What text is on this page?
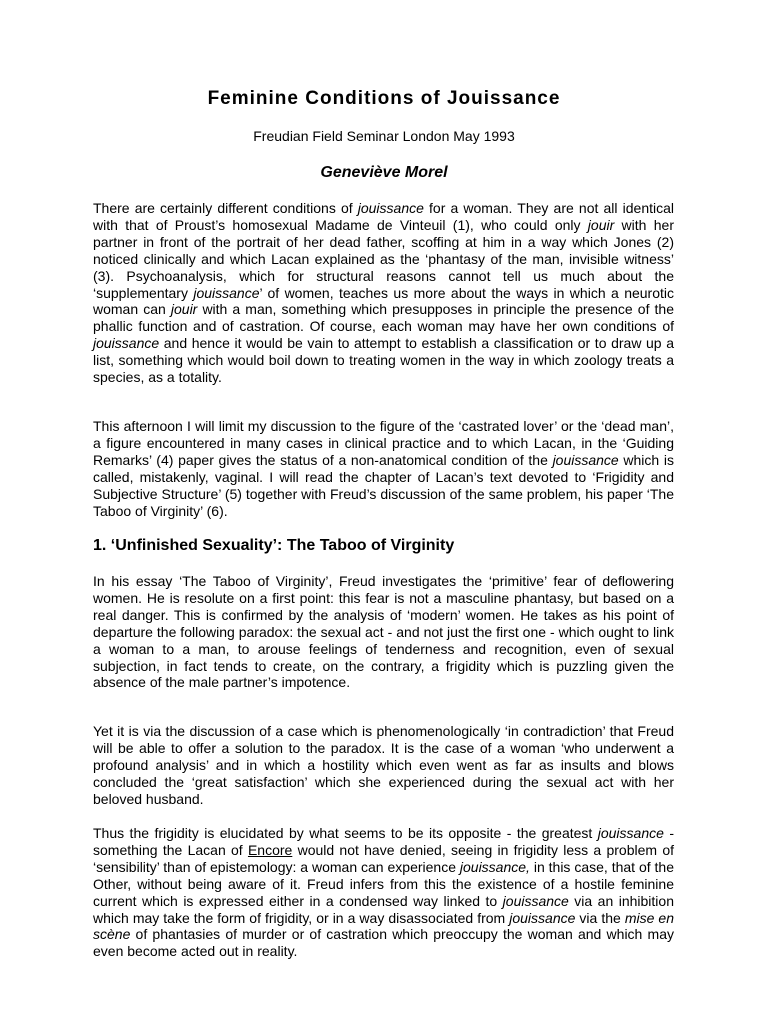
Feminine Conditions of Jouissance

Freudian Field Seminar London May 1993

Geneviève Morel

There are certainly different conditions of jouissance for a woman. They are not all identical with that of Proust’s homosexual Madame de Vinteuil (1), who could only jouir with her partner in front of the portrait of her dead father, scoffing at him in a way which Jones (2) noticed clinically and which Lacan explained as the ‘phantasy of the man, invisible witness’ (3). Psychoanalysis, which for structural reasons cannot tell us much about the ‘supplementary jouissance’ of women, teaches us more about the ways in which a neurotic woman can jouir with a man, something which presupposes in principle the presence of the phallic function and of castration. Of course, each woman may have her own conditions of jouissance and hence it would be vain to attempt to establish a classification or to draw up a list, something which would boil down to treating women in the way in which zoology treats a species, as a totality.

This afternoon I will limit my discussion to the figure of the ‘castrated lover’ or the ‘dead man’, a figure encountered in many cases in clinical practice and to which Lacan, in the ‘Guiding Remarks’ (4) paper gives the status of a non-anatomical condition of the jouissance which is called, mistakenly, vaginal. I will read the chapter of Lacan’s text devoted to ‘Frigidity and Subjective Structure’ (5) together with Freud’s discussion of the same problem, his paper ‘The Taboo of Virginity’ (6).

1. ‘Unfinished Sexuality’: The Taboo of Virginity

In his essay ‘The Taboo of Virginity’, Freud investigates the ‘primitive’ fear of deflowering women. He is resolute on a first point: this fear is not a masculine phantasy, but based on a real danger. This is confirmed by the analysis of ‘modern’ women. He takes as his point of departure the following paradox: the sexual act - and not just the first one - which ought to link a woman to a man, to arouse feelings of tenderness and recognition, even of sexual subjection, in fact tends to create, on the contrary, a frigidity which is puzzling given the absence of the male partner’s impotence.

Yet it is via the discussion of a case which is phenomenologically ‘in contradiction’ that Freud will be able to offer a solution to the paradox. It is the case of a woman ‘who underwent a profound analysis’ and in which a hostility which even went as far as insults and blows concluded the ‘great satisfaction’ which she experienced during the sexual act with her beloved husband.

Thus the frigidity is elucidated by what seems to be its opposite - the greatest jouissance - something the Lacan of Encore would not have denied, seeing in frigidity less a problem of ‘sensibility’ than of epistemology: a woman can experience jouissance, in this case, that of the Other, without being aware of it. Freud infers from this the existence of a hostile feminine current which is expressed either in a condensed way linked to jouissance via an inhibition which may take the form of frigidity, or in a way disassociated from jouissance via the mise en scène of phantasies of murder or of castration which preoccupy the woman and which may even become acted out in reality.
